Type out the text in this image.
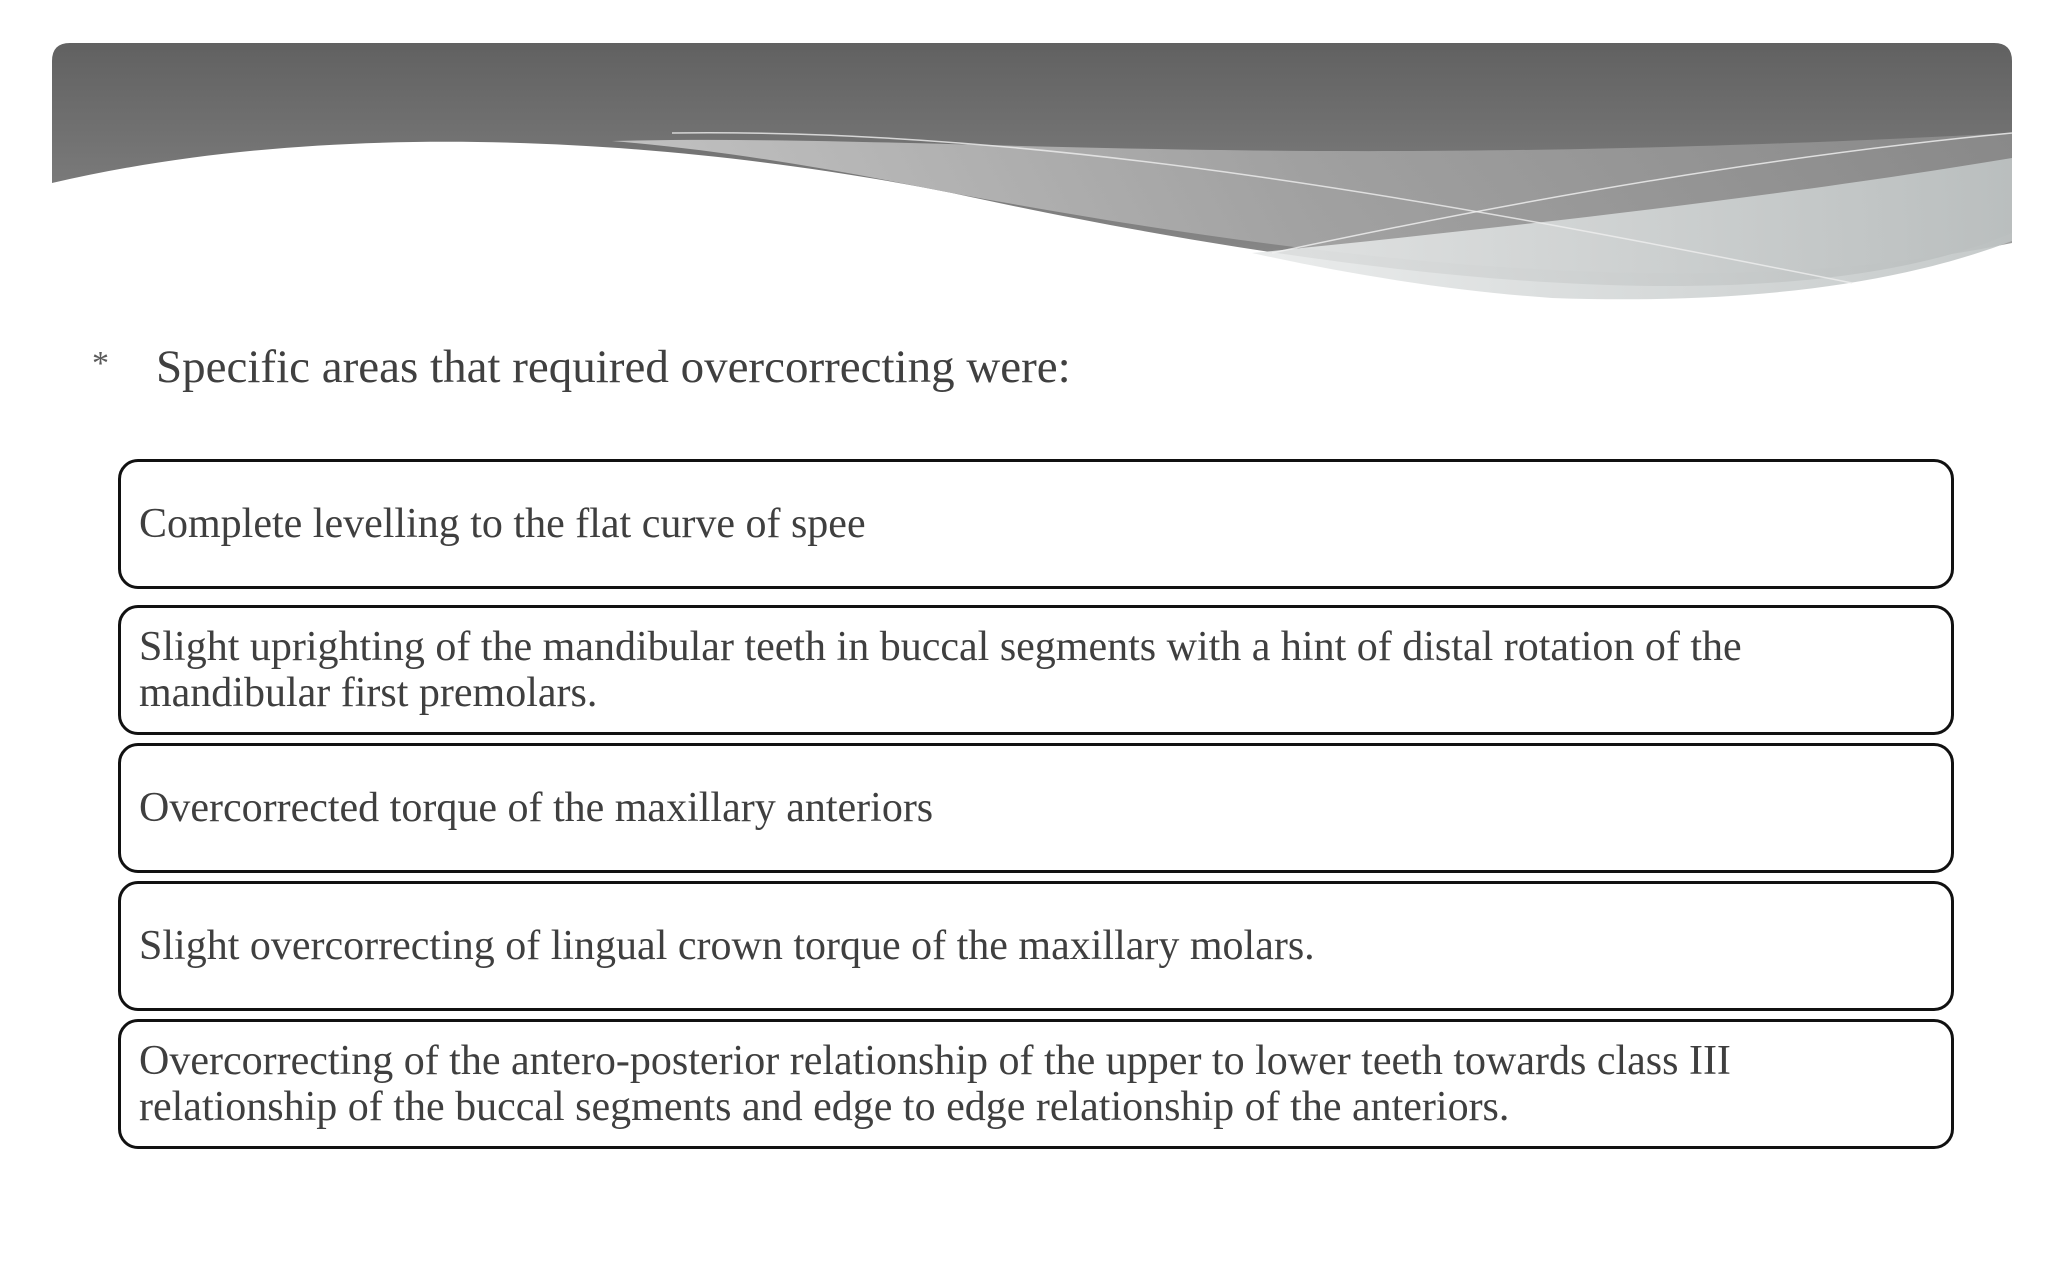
*	Specific areas that required overcorrecting were:
Complete levelling to the flat curve of spee
Slight uprighting of the mandibular teeth in buccal segments with a hint of distal rotation of the mandibular first premolars.
Overcorrected torque of the maxillary anteriors
Slight overcorrecting of lingual crown torque of the maxillary molars.
Overcorrecting of the antero-posterior relationship of the upper to lower teeth towards class III relationship of the buccal segments and edge to edge relationship of the anteriors.
